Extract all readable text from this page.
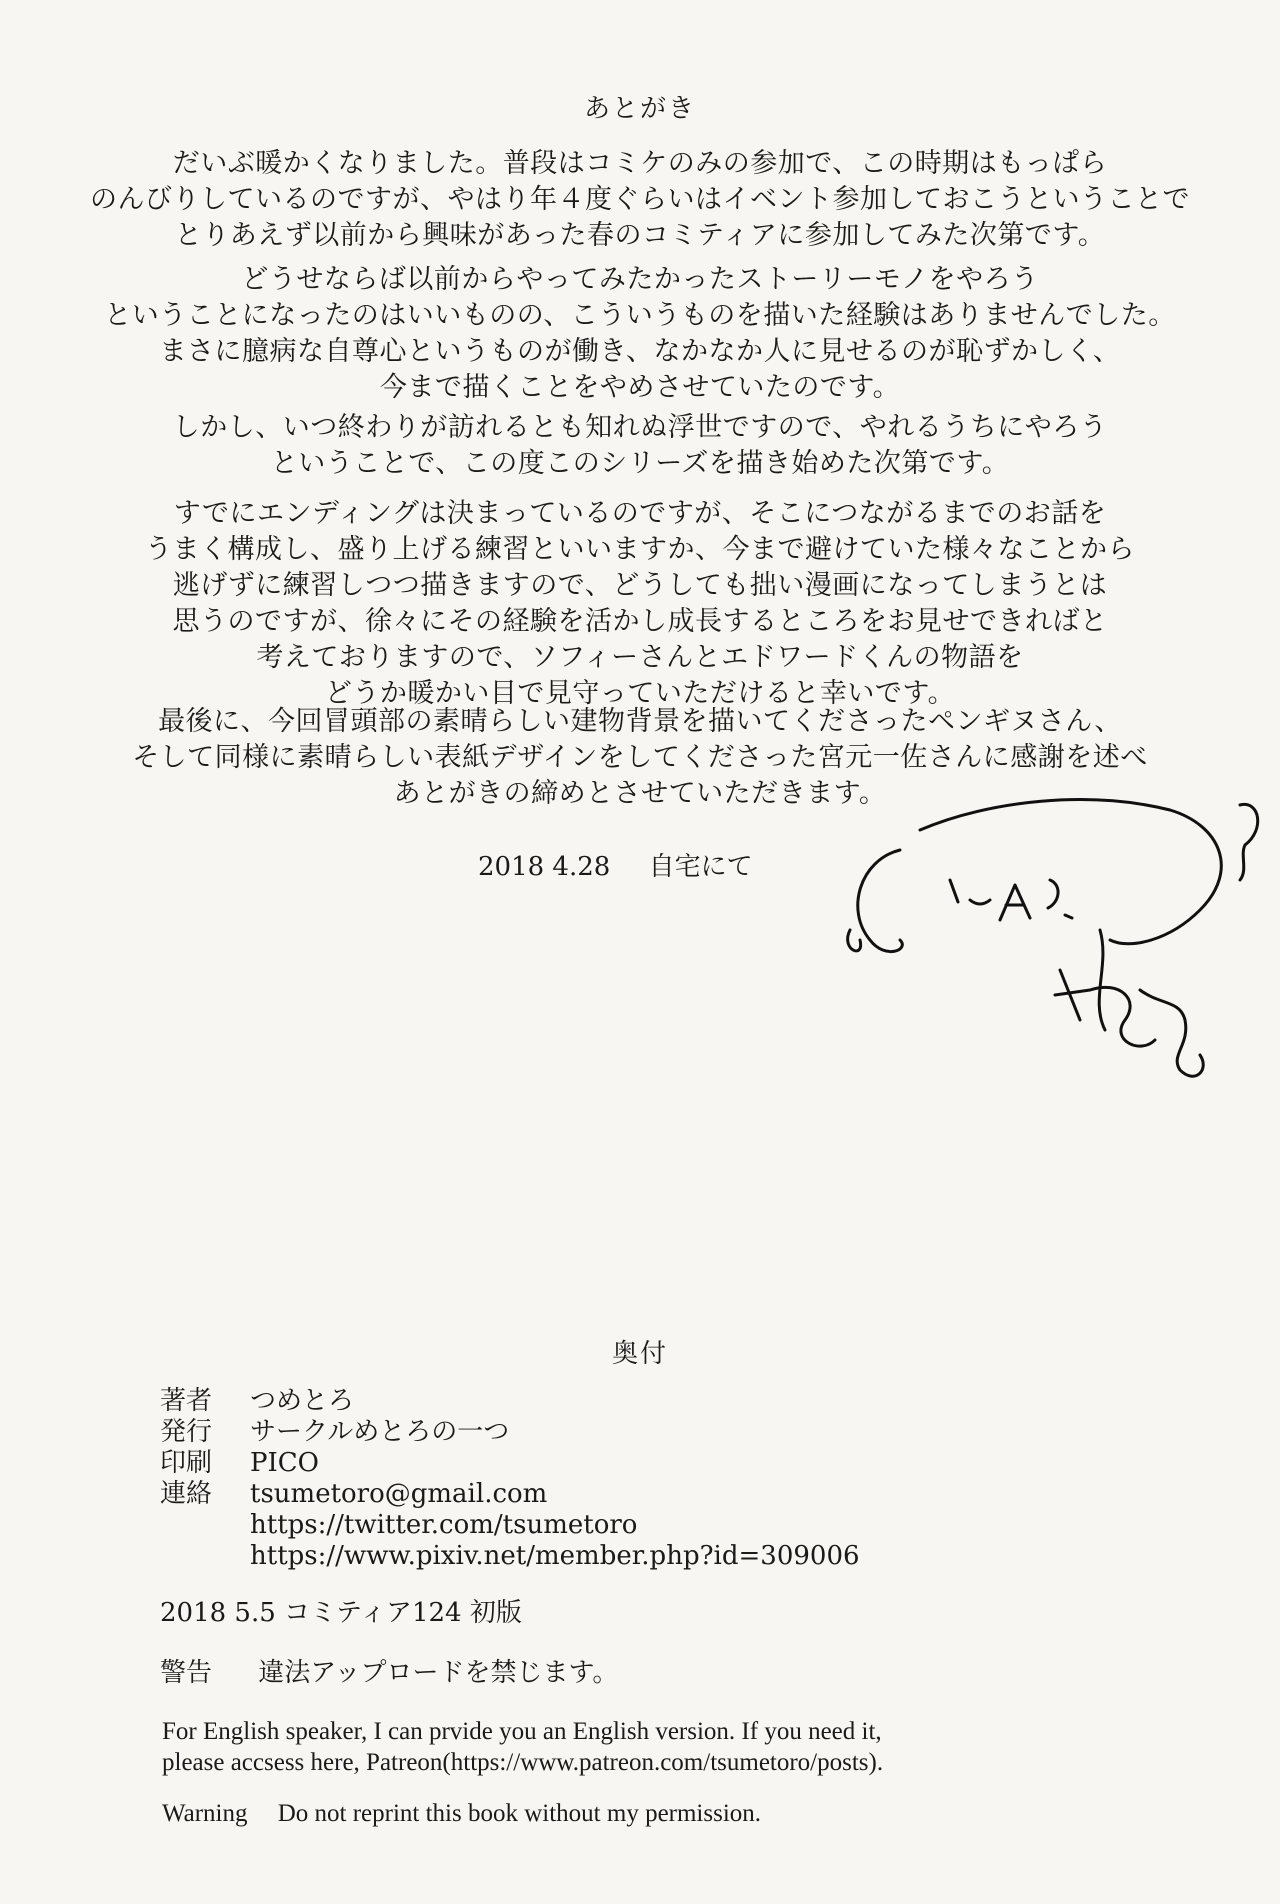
あとがき
だいぶ暖かくなりました。普段はコミケのみの参加で、この時期はもっぱら
のんびりしているのですが、やはり年４度ぐらいはイベント参加しておこうということで
とりあえず以前から興味があった春のコミティアに参加してみた次第です。
どうせならば以前からやってみたかったストーリーモノをやろう
ということになったのはいいものの、こういうものを描いた経験はありませんでした。
まさに臆病な自尊心というものが働き、なかなか人に見せるのが恥ずかしく、
今まで描くことをやめさせていたのです。
しかし、いつ終わりが訪れるとも知れぬ浮世ですので、やれるうちにやろう
ということで、この度このシリーズを描き始めた次第です。
すでにエンディングは決まっているのですが、そこにつながるまでのお話を
うまく構成し、盛り上げる練習といいますか、今まで避けていた様々なことから
逃げずに練習しつつ描きますので、どうしても拙い漫画になってしまうとは
思うのですが、徐々にその経験を活かし成長するところをお見せできればと
考えておりますので、ソフィーさんとエドワードくんの物語を
どうか暖かい目で見守っていただけると幸いです。
最後に、今回冒頭部の素晴らしい建物背景を描いてくださったペンギヌさん、
そして同様に素晴らしい表紙デザインをしてくださった宮元一佐さんに感謝を述べ
あとがきの締めとさせていただきます。
2018 4.28 自宅にて
奥付
著者	つめとろ
発行	サークルめとろの一つ
印刷	PICO
連絡	tsumetoro@gmail.com
https://twitter.com/tsumetoro
https://www.pixiv.net/member.php?id=309006
2018 5.5 コミティア124 初版
警告 違法アップロードを禁じます。
For English speaker, I can prvide you an English version. If you need it,
please accsess here, Patreon(https://www.patreon.com/tsumetoro/posts).
Warning Do not reprint this book without my permission.
